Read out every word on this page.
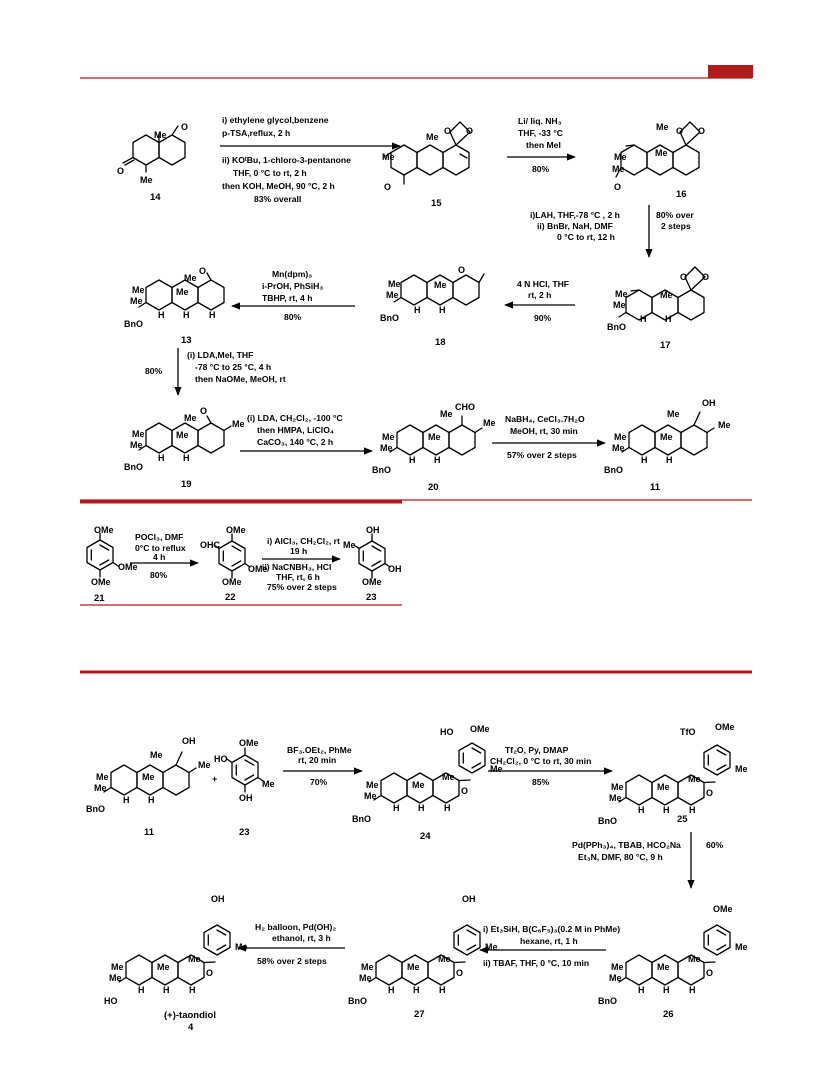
Me
O
O
Me
14
i) ethylene glycol,benzene
p-TSA,reflux, 2 h
ii) KOᵗBu, 1-chloro-3-pentanone
THF, 0 °C to rt, 2 h
then KOH, MeOH, 90 °C, 2 h
83% overall
O O
Me
Me
O
15
Li/ liq. NH₃
THF, -33 °C
then MeI
80%
O O
Me
Me
Me
O
Me
16
i)LAH, THF,-78 °C , 2 h
ii) BnBr, NaH, DMF
0 °C to rt, 12 h
80% over
2 steps
O O
Me
Me
Me
H H
BnO
17
4 N HCl, THF
rt, 2 h
90%
O
Me
Me
Me
H H
BnO
18
Mn(dpm)₃
i-PrOH, PhSiH₃
TBHP, rt, 4 h
80%
O
Me
Me
Me
Me
H H H
BnO
13
80%
(i) LDA,MeI, THF
-78 °C to 25 °C, 4 h
then NaOMe, MeOH, rt
O
Me
Me
Me
Me
Me
H H
BnO
19
(i) LDA, CH₂Cl₂, -100 °C
then HMPA, LiClO₄
CaCO₃, 140 °C, 2 h
CHO
Me
Me
Me
Me
Me
H H
BnO
20
NaBH₄, CeCl₃.7H₂O
MeOH, rt, 30 min
57% over 2 steps
OH
Me
Me
Me
Me
Me
H H
BnO
11
OMe
OMe
OMe
21
POCl₃, DMF
0°C to reflux
4 h
80%
OMe
OHC
OMe
OMe
22
i) AlCl₃, CH₂Cl₂, rt
19 h
ii) NaCNBH₃, HCl
THF, rt, 6 h
75% over 2 steps
OH
Me
OH
OMe
23
OH
Me
Me
Me
Me
Me
H H
BnO
11
+
OMe
HO
Me
OH
23
BF₃.OEt₂, PhMe
rt, 20 min
70%
HO OMe
O
Me
Me
Me
Me
Me
H H H
BnO
24
Tf₂O, Py, DMAP
CH₂Cl₂, 0 °C to rt, 30 min
85%
TfO OMe
O
Me
Me
Me
Me
Me
H H H
BnO	25
Pd(PPh₃)₄, TBAB, HCO₂Na
Et₃N, DMF, 80 °C, 9 h
60%
OMe
O
Me
Me
Me
Me
Me
H H H
BnO
26
i) Et₃SiH, B(C₆F₅)₃(0.2 M in PhMe)
hexane, rt, 1 h
ii) TBAF, THF, 0 °C, 10 min
OH
O
Me
Me
Me
Me
Me
H H H
BnO
27
H₂ balloon, Pd(OH)₂
ethanol, rt, 3 h
58% over 2 steps
OH
O
Me
Me
Me
Me
Me
H H H
HO
(+)-taondiol
4
